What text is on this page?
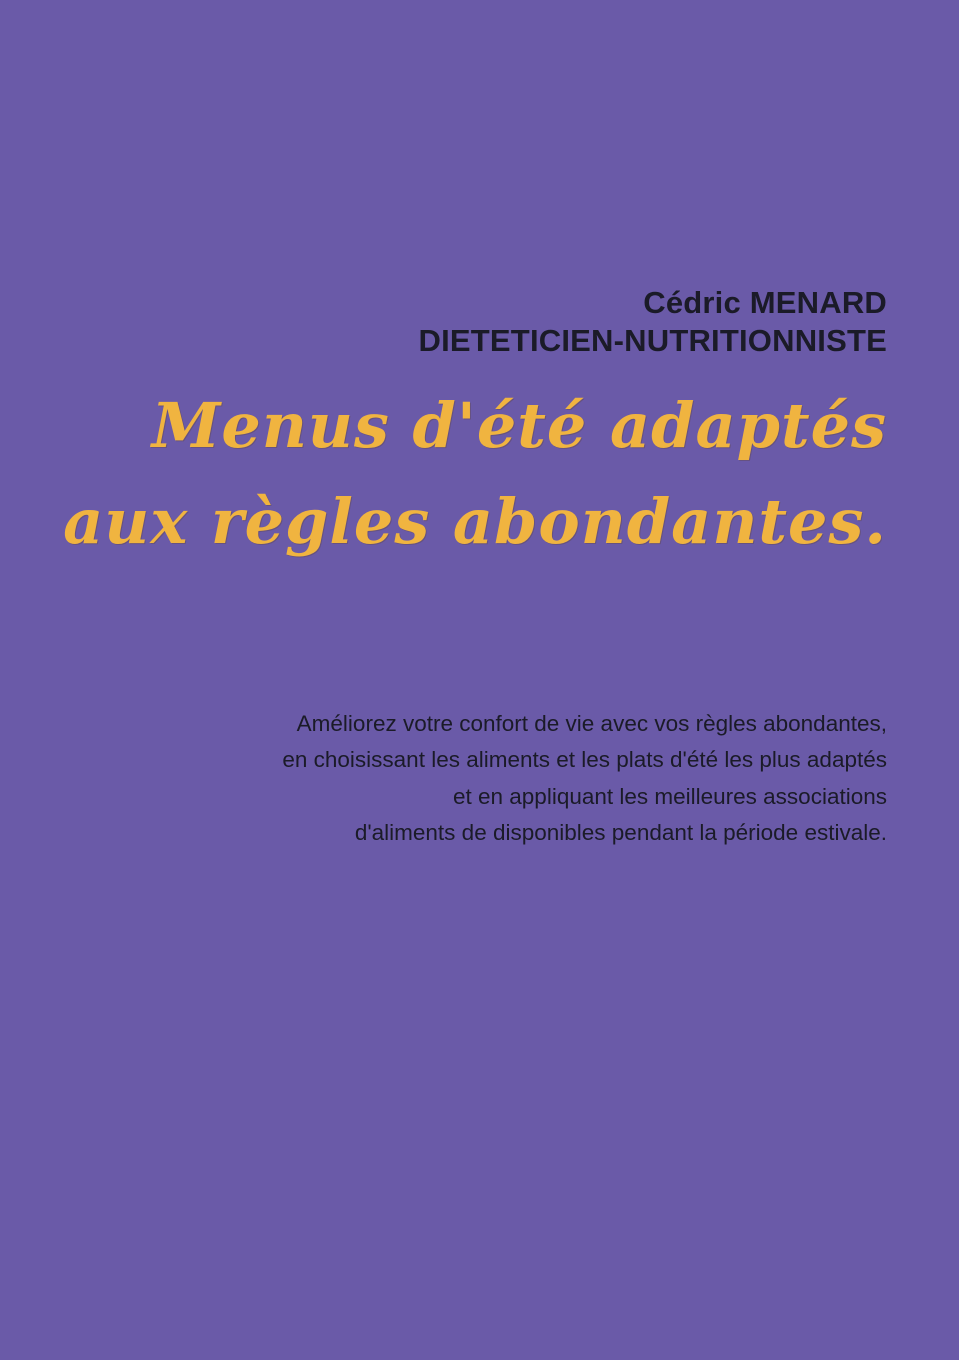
Cédric MENARD
DIETETICIEN-NUTRITIONNISTE
Menus d'été adaptés
aux règles abondantes.
Améliorez votre confort de vie avec vos règles abondantes,
en choisissant les aliments et les plats d'été les plus adaptés
et en appliquant les meilleures associations
d'aliments de disponibles pendant la période estivale.
